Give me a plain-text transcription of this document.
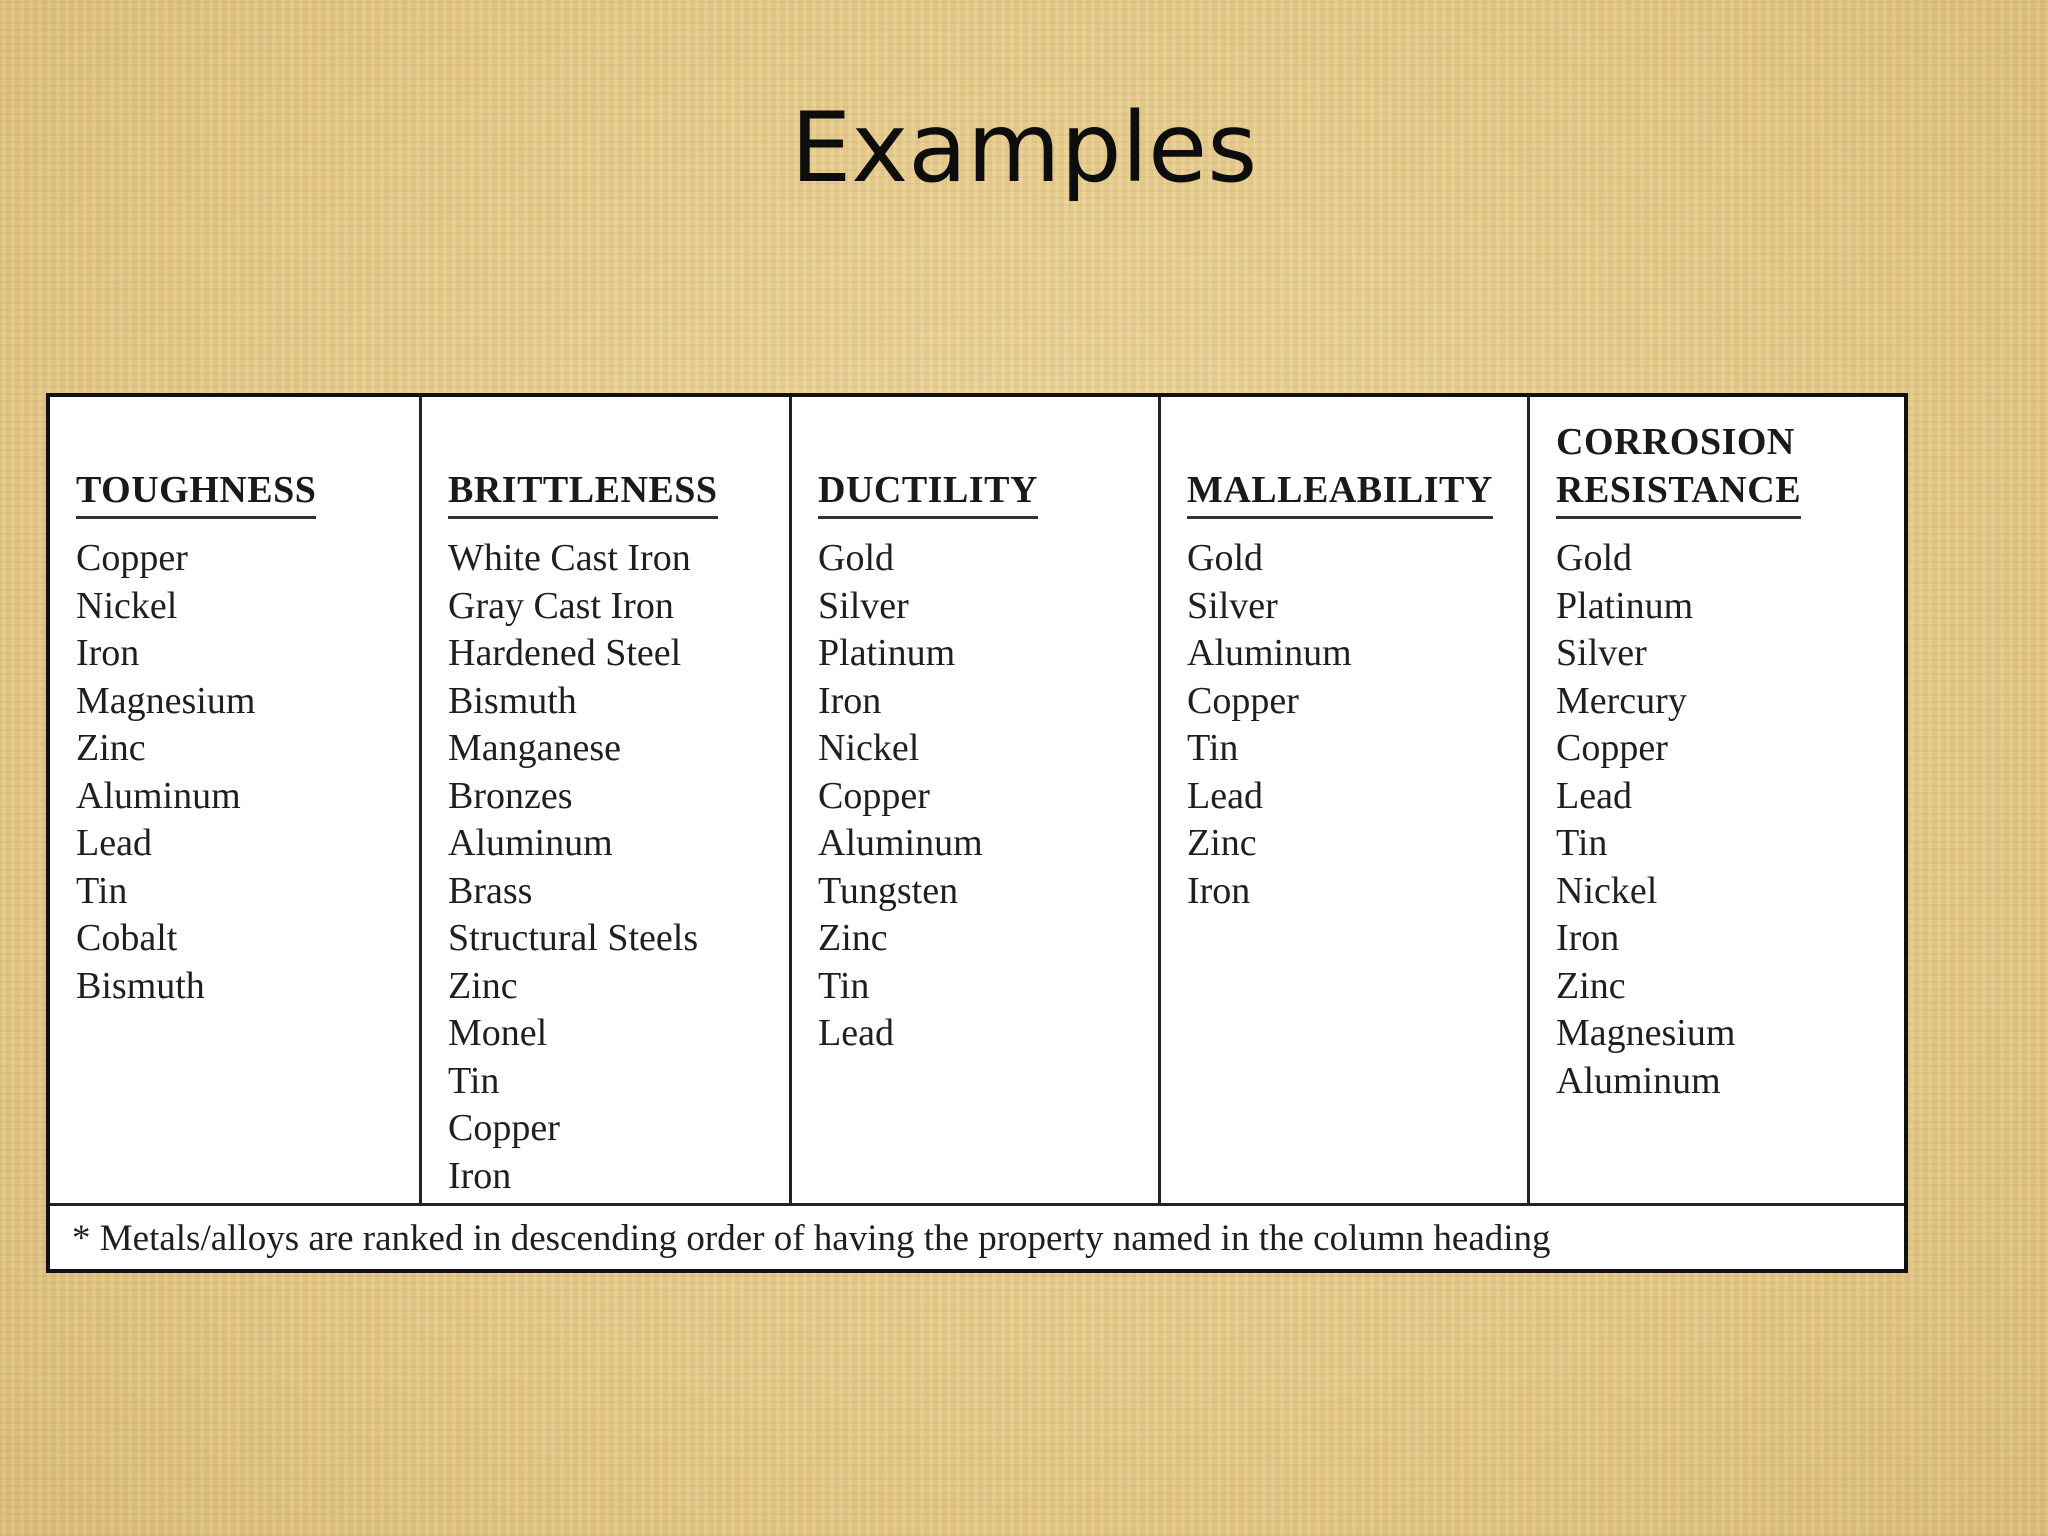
Examples
TOUGHNESS
Copper
Nickel
Iron
Magnesium
Zinc
Aluminum
Lead
Tin
Cobalt
Bismuth
BRITTLENESS
White Cast Iron
Gray Cast Iron
Hardened Steel
Bismuth
Manganese
Bronzes
Aluminum
Brass
Structural Steels
Zinc
Monel
Tin
Copper
Iron
DUCTILITY
Gold
Silver
Platinum
Iron
Nickel
Copper
Aluminum
Tungsten
Zinc
Tin
Lead
MALLEABILITY
Gold
Silver
Aluminum
Copper
Tin
Lead
Zinc
Iron
CORROSION
RESISTANCE
Gold
Platinum
Silver
Mercury
Copper
Lead
Tin
Nickel
Iron
Zinc
Magnesium
Aluminum
* Metals/alloys are ranked in descending order of having the property named in the column heading
